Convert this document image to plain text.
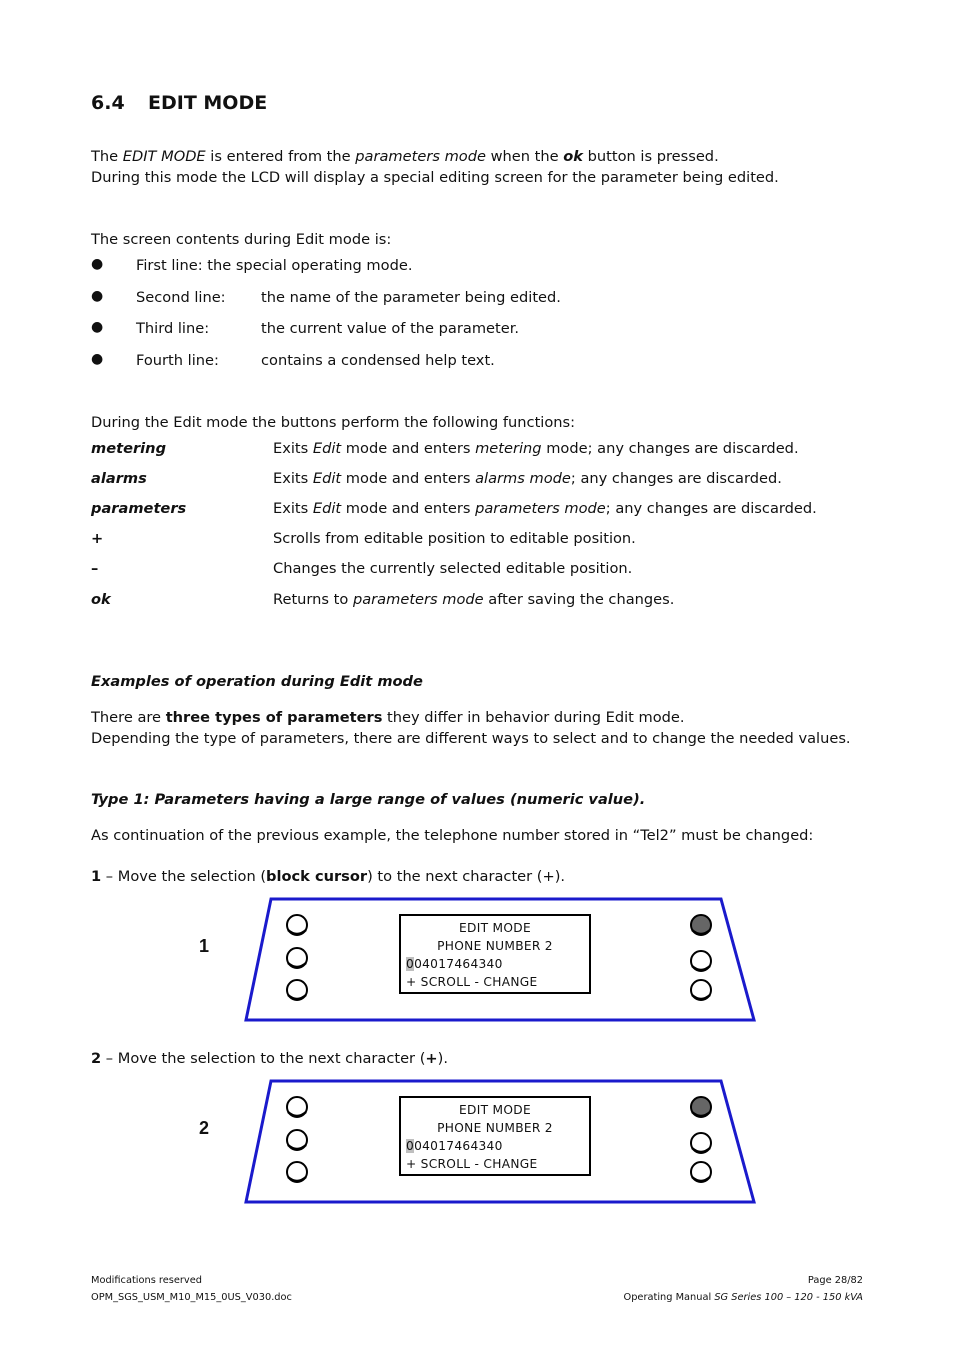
6.4 EDIT MODE
The EDIT MODE is entered from the parameters mode when the ok button is pressed.
During this mode the LCD will display a special editing screen for the parameter being edited.
The screen contents during Edit mode is:
● First line: the special operating mode.
● Second line: the name of the parameter being edited.
● Third line:	the current value of the parameter.
● Fourth line:	contains a condensed help text.
During the Edit mode the buttons perform the following functions:
metering	Exits Edit mode and enters metering mode; any changes are discarded.
alarms	Exits Edit mode and enters alarms mode; any changes are discarded.
parameters	Exits Edit mode and enters parameters mode; any changes are discarded.
+	Scrolls from editable position to editable position.
–	Changes the currently selected editable position.
ok	Returns to parameters mode after saving the changes.
Examples of operation during Edit mode
There are three types of parameters they differ in behavior during Edit mode.
Depending the type of parameters, there are different ways to select and to change the needed values.
Type 1: Parameters having a large range of values (numeric value).
As continuation of the previous example, the telephone number stored in “Tel2” must be changed:
1 – Move the selection (block cursor) to the next character (+).
1
EDIT MODE
PHONE NUMBER 2
004017464340
+ SCROLL - CHANGE
2 – Move the selection to the next character (+).
2
EDIT MODE
PHONE NUMBER 2
004017464340
+ SCROLL - CHANGE
Modifications reserved
OPM_SGS_USM_M10_M15_0US_V030.doc
Page 28/82
Operating Manual SG Series 100 – 120 - 150 kVA
